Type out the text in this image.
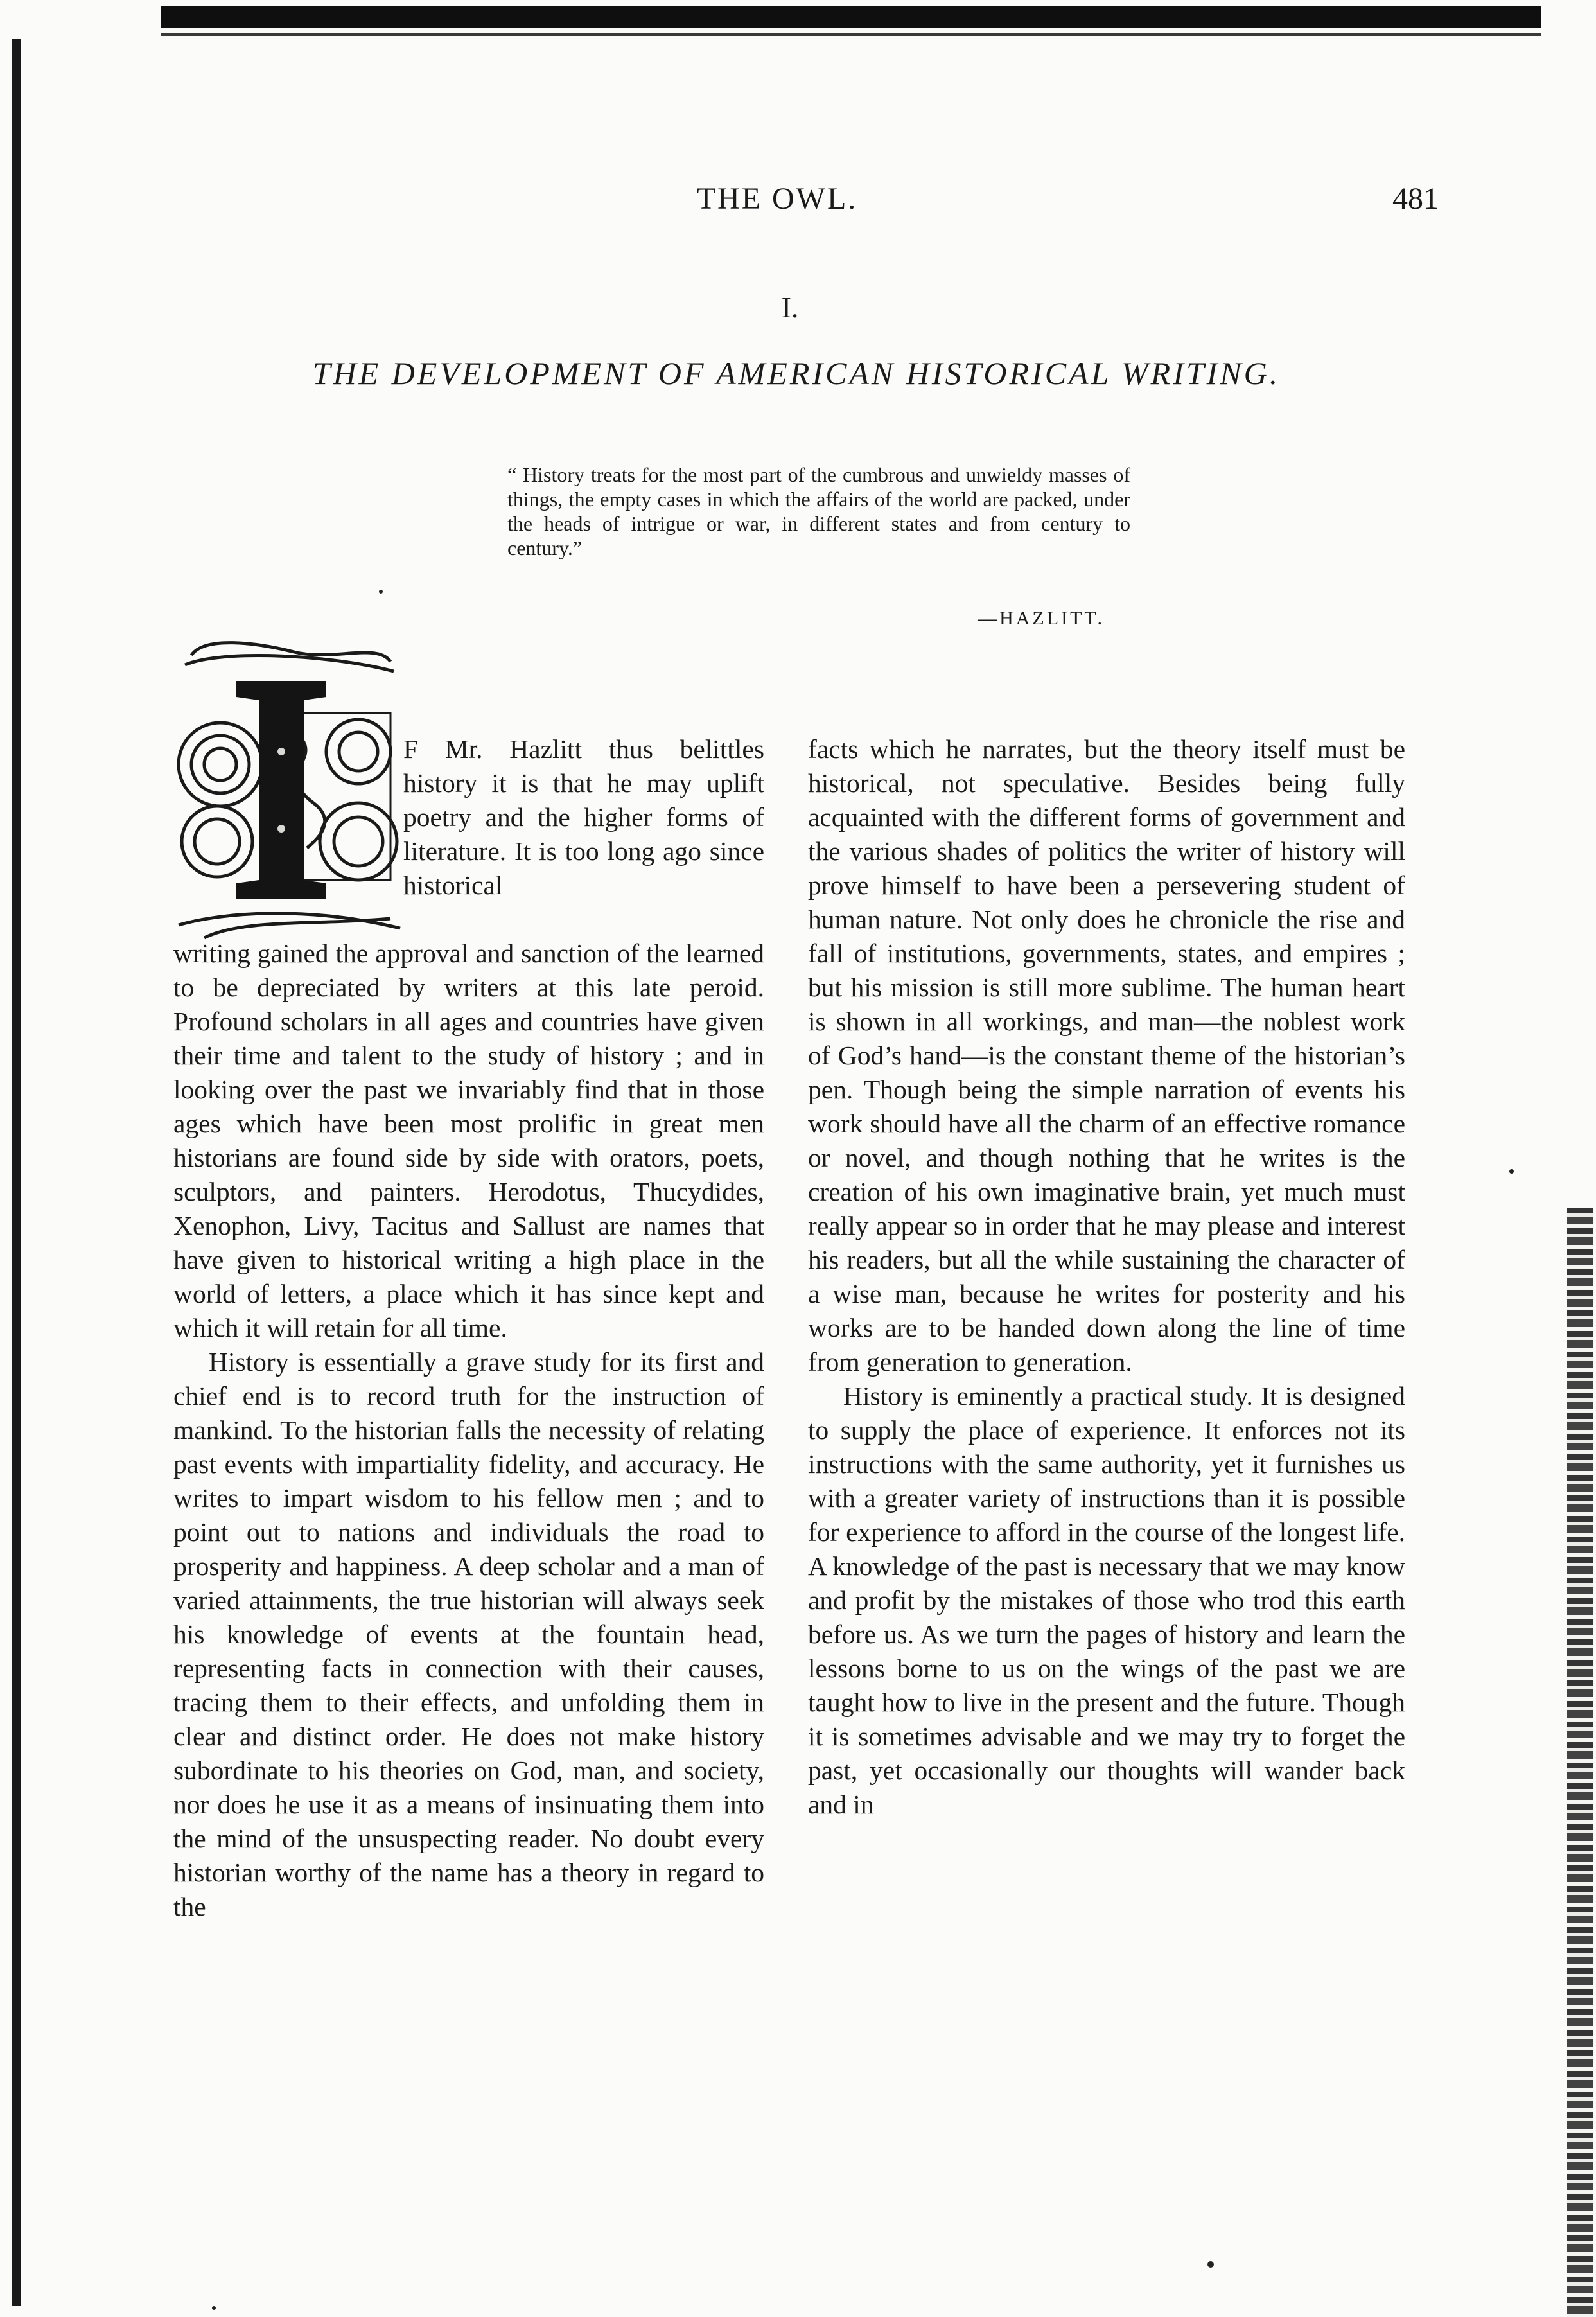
THE OWL.	481
I.
THE DEVELOPMENT OF AMERICAN HISTORICAL WRITING.
“ History treats for the most part of the cumbrous and unwieldy masses of things, the empty cases in which the affairs of the world are packed, under the heads of intrigue or war, in different states and from century to century.”
—HAZLITT.
I
F Mr. Hazlitt thus belittles history it is that he may uplift poetry and the higher forms of literature. It is too long ago since historical

writing gained the approval and sanction of the learned to be depreciated by writers at this late peroid. Profound scholars in all ages and countries have given their time and talent to the study of history ; and in looking over the past we invariably find that in those ages which have been most prolific in great men historians are found side by side with orators, poets, sculptors, and painters. Herodotus, Thucydides, Xenophon, Livy, Tacitus and Sallust are names that have given to historical writing a high place in the world of letters, a place which it has since kept and which it will retain for all time.

History is essentially a grave study for its first and chief end is to record truth for the instruction of mankind. To the historian falls the necessity of relating past events with impartiality fidelity, and accuracy. He writes to impart wisdom to his fellow men ; and to point out to nations and individuals the road to prosperity and happiness. A deep scholar and a man of varied attainments, the true historian will always seek his knowledge of events at the fountain head, representing facts in connection with their causes, tracing them to their effects, and unfolding them in clear and distinct order. He does not make history subordinate to his theories on God, man, and society, nor does he use it as a means of insinuating them into the mind of the unsuspecting reader. No doubt every historian worthy of the name has a theory in regard to the

facts which he narrates, but the theory itself must be historical, not speculative. Besides being fully acquainted with the different forms of government and the various shades of politics the writer of history will prove himself to have been a persevering student of human nature. Not only does he chronicle the rise and fall of institutions, governments, states, and empires ; but his mission is still more sublime. The human heart is shown in all workings, and man—the noblest work of God’s hand—is the constant theme of the historian’s pen. Though being the simple narration of events his work should have all the charm of an effective romance or novel, and though nothing that he writes is the creation of his own imaginative brain, yet much must really appear so in order that he may please and interest his readers, but all the while sustaining the character of a wise man, because he writes for posterity and his works are to be handed down along the line of time from generation to generation.

History is eminently a practical study. It is designed to supply the place of experience. It enforces not its instructions with the same authority, yet it furnishes us with a greater variety of instructions than it is possible for experience to afford in the course of the longest life. A knowledge of the past is necessary that we may know and profit by the mistakes of those who trod this earth before us. As we turn the pages of history and learn the lessons borne to us on the wings of the past we are taught how to live in the present and the future. Though it is sometimes advisable and we may try to forget the past, yet occasionally our thoughts will wander back and in
